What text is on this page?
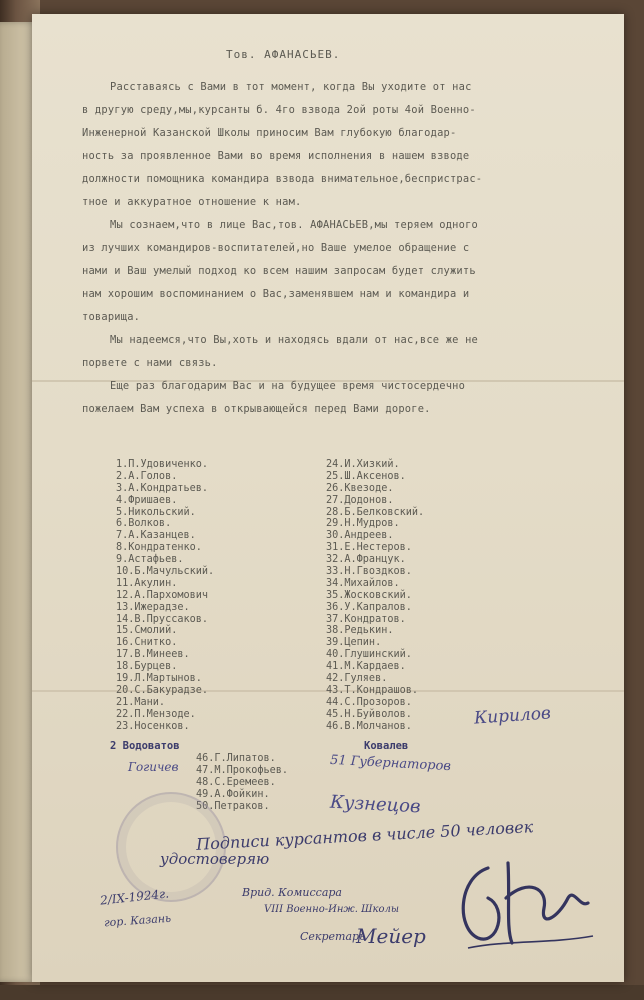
Тов. АФАНАСЬЕВ.
Расставаясь с Вами в тот момент, когда Вы уходите от нас
в другую среду,мы,курсанты б. 4го взвода 2ой роты 4ой Военно-
Инженерной Казанской Школы приносим Вам глубокую благодар-
ность за проявленное Вами во время исполнения в нашем взводе
должности помощника командира взвода внимательное,беспристрас-
тное и аккуратное отношение к нам.
Мы сознаем,что в лице Вас,тов. АФАНАСЬЕВ,мы теряем одного
из лучших командиров-воспитателей,но Ваше умелое обращение с
нами и Ваш умелый подход ко всем нашим запросам будет служить
нам хорошим воспоминанием о Вас,заменявшем нам и командира и
товарища.
Мы надеемся,что Вы,хоть и находясь вдали от нас,все же не
порвете с нами связь.
Еще раз благодарим Вас и на будущее время чистосердечно
пожелаем Вам успеха в открывающейся перед Вами дороге.
1.П.Удовиченко.
2.А.Голов.
3.А.Кондратьев.
4.Фришаев.
5.Никольский.
6.Волков.
7.А.Казанцев.
8.Кондратенко.
9.Астафьев.
10.Б.Мачульский.
11.Акулин.
12.А.Пархомович
13.Ижерадзе.
14.В.Пруссаков.
15.Смолий.
16.Снитко.
17.В.Минеев.
18.Бурцев.
19.Л.Мартынов.
20.С.Бакурадзе.
21.Мани.
22.П.Мензоде.
23.Носенков.
24.И.Хизкий.
25.Ш.Аксенов.
26.Квезоде.
27.Додонов.
28.Б.Белковский.
29.Н.Мудров.
30.Андреев.
31.Е.Нестеров.
32.А.Францук.
33.Н.Гвоздков.
34.Михайлов.
35.Жосковский.
36.У.Капралов.
37.Кондратов.
38.Редькин.
39.Цепин.
40.Глушинский.
41.М.Кардаев.
42.Гуляев.
43.Т.Кондрашов.
44.С.Прозоров.
45.Н.Буйволов.
46.В.Молчанов.
2 Водоватов	Ковалев
46.Г.Липатов.
47.М.Прокофьев.
48.С.Еремеев.
49.А.Фойкин.
50.Петраков.
Кирилов
51 Губернаторов
Гогичев
Кузнецов
Подписи курсантов в числе 50 человек
удостоверяю
Врид. Комиссара
VIII Военно-Инж. Школы
Секретарь
Мейер
2/IX-1924г.
гор. Казань
